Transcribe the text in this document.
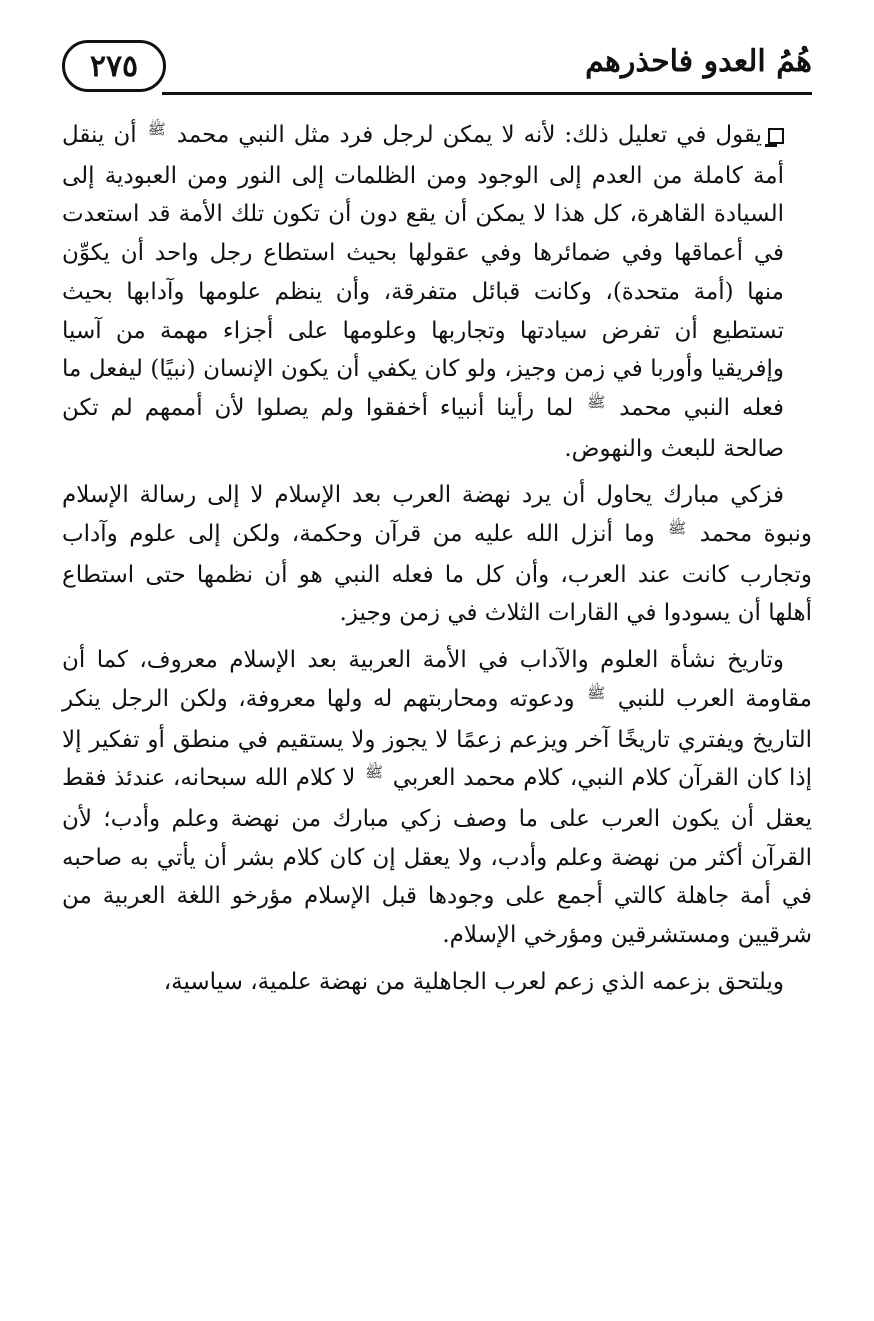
٢٧٥	هُمُ العدو فاحذرهم

يقول في تعليل ذلك: لأنه لا يمكن لرجل فرد مثل النبي محمد $^ﷺ$ أن ينقل أمة كاملة من العدم إلى الوجود ومن الظلمات إلى النور ومن العبودية إلى السيادة القاهرة، كل هذا لا يمكن أن يقع دون أن تكون تلك الأمة قد استعدت في أعماقها وفي ضمائرها وفي عقولها بحيث استطاع رجل واحد أن يكوِّن منها (أمة متحدة)، وكانت قبائل متفرقة، وأن ينظم علومها وآدابها بحيث تستطيع أن تفرض سيادتها وتجاربها وعلومها على أجزاء مهمة من آسيا وإفريقيا وأوربا في زمن وجيز، ولو كان يكفي أن يكون الإنسان (نبيًا) ليفعل ما فعله النبي محمد $^ﷺ$ لما رأينا أنبياء أخفقوا ولم يصلوا لأن أممهم لم تكن صالحة للبعث والنهوض.

فزكي مبارك يحاول أن يرد نهضة العرب بعد الإسلام لا إلى رسالة الإسلام ونبوة محمد $^ﷺ$ وما أنزل الله عليه من قرآن وحكمة، ولكن إلى علوم وآداب وتجارب كانت عند العرب، وأن كل ما فعله النبي هو أن نظمها حتى استطاع أهلها أن يسودوا في القارات الثلاث في زمن وجيز.

وتاريخ نشأة العلوم والآداب في الأمة العربية بعد الإسلام معروف، كما أن مقاومة العرب للنبي $^ﷺ$ ودعوته ومحاربتهم له ولها معروفة، ولكن الرجل ينكر التاريخ ويفتري تاريخًا آخر ويزعم زعمًا لا يجوز ولا يستقيم في منطق أو تفكير إلا إذا كان القرآن كلام النبي، كلام محمد العربي $^ﷺ$ لا كلام الله سبحانه، عندئذ فقط يعقل أن يكون العرب على ما وصف زكي مبارك من نهضة وعلم وأدب؛ لأن القرآن أكثر من نهضة وعلم وأدب، ولا يعقل إن كان كلام بشر أن يأتي به صاحبه في أمة جاهلة كالتي أجمع على وجودها قبل الإسلام مؤرخو اللغة العربية من شرقيين ومستشرقين ومؤرخي الإسلام.

ويلتحق بزعمه الذي زعم لعرب الجاهلية من نهضة علمية، سياسية،
